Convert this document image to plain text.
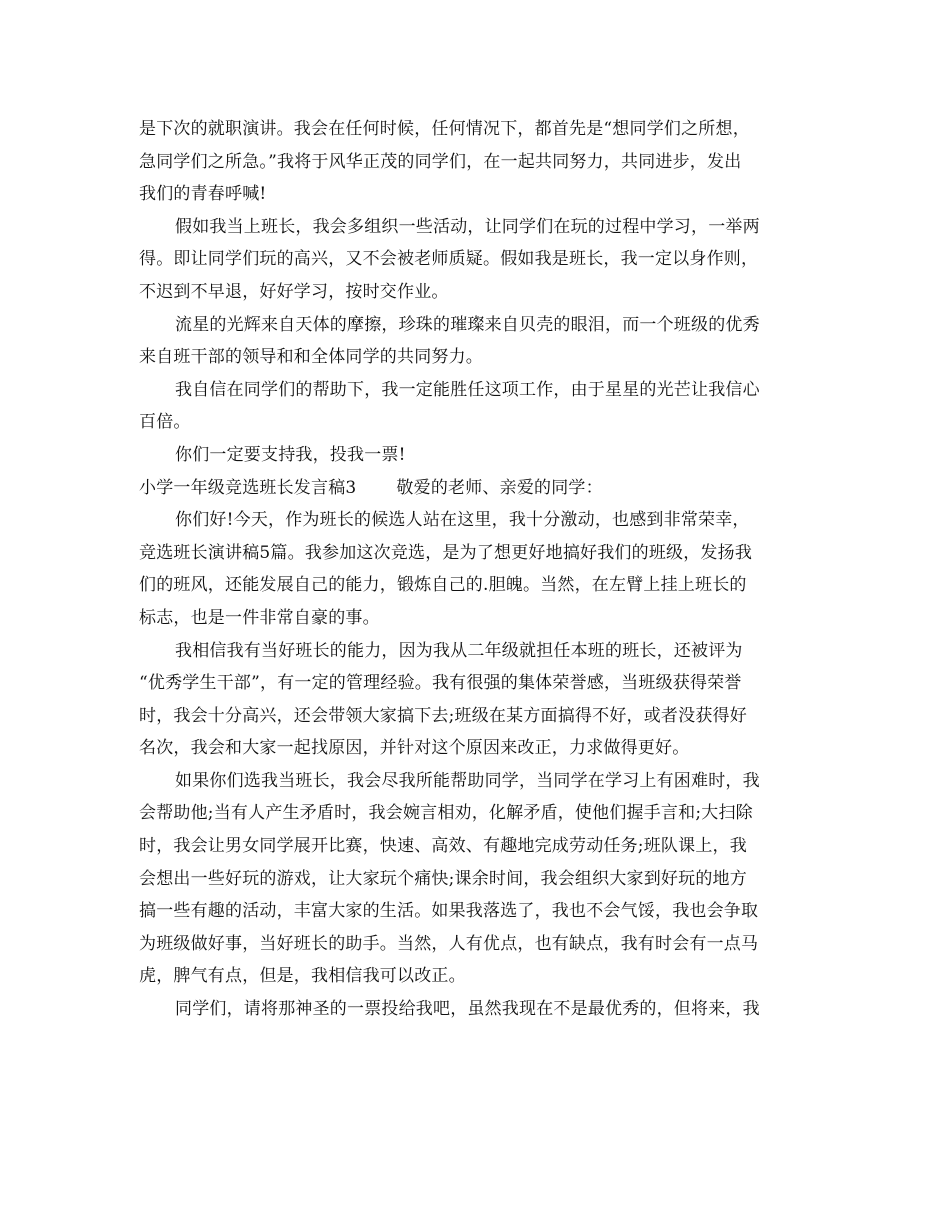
是下次的就职演讲。我会在任何时候，任何情况下，都首先是“想同学们之所想，
急同学们之所急。”我将于风华正茂的同学们，在一起共同努力，共同进步，发出
我们的青春呼喊!
假如我当上班长，我会多组织一些活动，让同学们在玩的过程中学习，一举两
得。即让同学们玩的高兴，又不会被老师质疑。假如我是班长，我一定以身作则，
不迟到不早退，好好学习，按时交作业。
流星的光辉来自天体的摩擦，珍珠的璀璨来自贝壳的眼泪，而一个班级的优秀
来自班干部的领导和和全体同学的共同努力。
我自信在同学们的帮助下，我一定能胜任这项工作，由于星星的光芒让我信心
百倍。
你们一定要支持我，投我一票!
小学一年级竞选班长发言稿3 敬爱的老师、亲爱的同学：
你们好!今天，作为班长的候选人站在这里，我十分激动，也感到非常荣幸，
竞选班长演讲稿5篇。我参加这次竞选，是为了想更好地搞好我们的班级，发扬我
们的班风，还能发展自己的能力，锻炼自己的.胆魄。当然，在左臂上挂上班长的
标志，也是一件非常自豪的事。
我相信我有当好班长的能力，因为我从二年级就担任本班的班长，还被评为
“优秀学生干部”，有一定的管理经验。我有很强的集体荣誉感，当班级获得荣誉
时，我会十分高兴，还会带领大家搞下去;班级在某方面搞得不好，或者没获得好
名次，我会和大家一起找原因，并针对这个原因来改正，力求做得更好。
如果你们选我当班长，我会尽我所能帮助同学，当同学在学习上有困难时，我
会帮助他;当有人产生矛盾时，我会婉言相劝，化解矛盾，使他们握手言和;大扫除
时，我会让男女同学展开比赛，快速、高效、有趣地完成劳动任务;班队课上，我
会想出一些好玩的游戏，让大家玩个痛快;课余时间，我会组织大家到好玩的地方
搞一些有趣的活动，丰富大家的生活。如果我落选了，我也不会气馁，我也会争取
为班级做好事，当好班长的助手。当然，人有优点，也有缺点，我有时会有一点马
虎，脾气有点，但是，我相信我可以改正。
同学们，请将那神圣的一票投给我吧，虽然我现在不是最优秀的，但将来，我
